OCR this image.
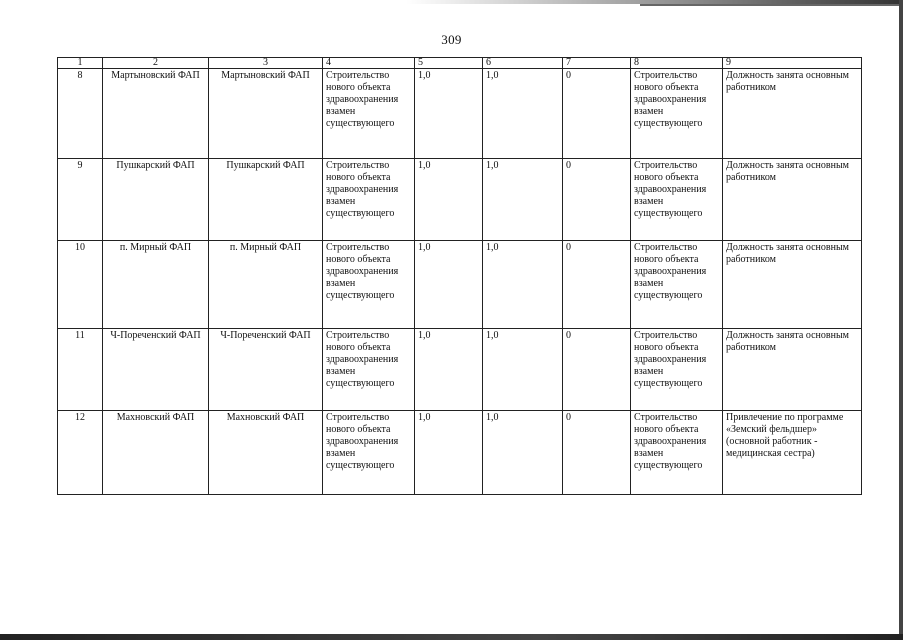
309
1	2	3	4	5	6	7	8	9
8	Мартыновский ФАП	Мартыновский ФАП	Строительство нового объекта здравоохранения взамен существующего	1,0	1,0	0	Строительство нового объекта здравоохранения взамен существующего	Должность занята основным работником
9	Пушкарский ФАП	Пушкарский ФАП	Строительство нового объекта здравоохранения взамен существующего	1,0	1,0	0	Строительство нового объекта здравоохранения взамен существующего	Должность занята основным работником
10	п. Мирный ФАП	п. Мирный ФАП	Строительство нового объекта здравоохранения взамен существующего	1,0	1,0	0	Строительство нового объекта здравоохранения взамен существующего	Должность занята основным работником
11	Ч-Пореченский ФАП	Ч-Пореченский ФАП	Строительство нового объекта здравоохранения взамен существующего	1,0	1,0	0	Строительство нового объекта здравоохранения взамен существующего	Должность занята основным работником
12	Махновский ФАП	Махновский ФАП	Строительство нового объекта здравоохранения взамен существующего	1,0	1,0	0	Строительство нового объекта здравоохранения взамен существующего	Привлечение по программе «Земский фельдшер» (основной работник - медицинская сестра)
